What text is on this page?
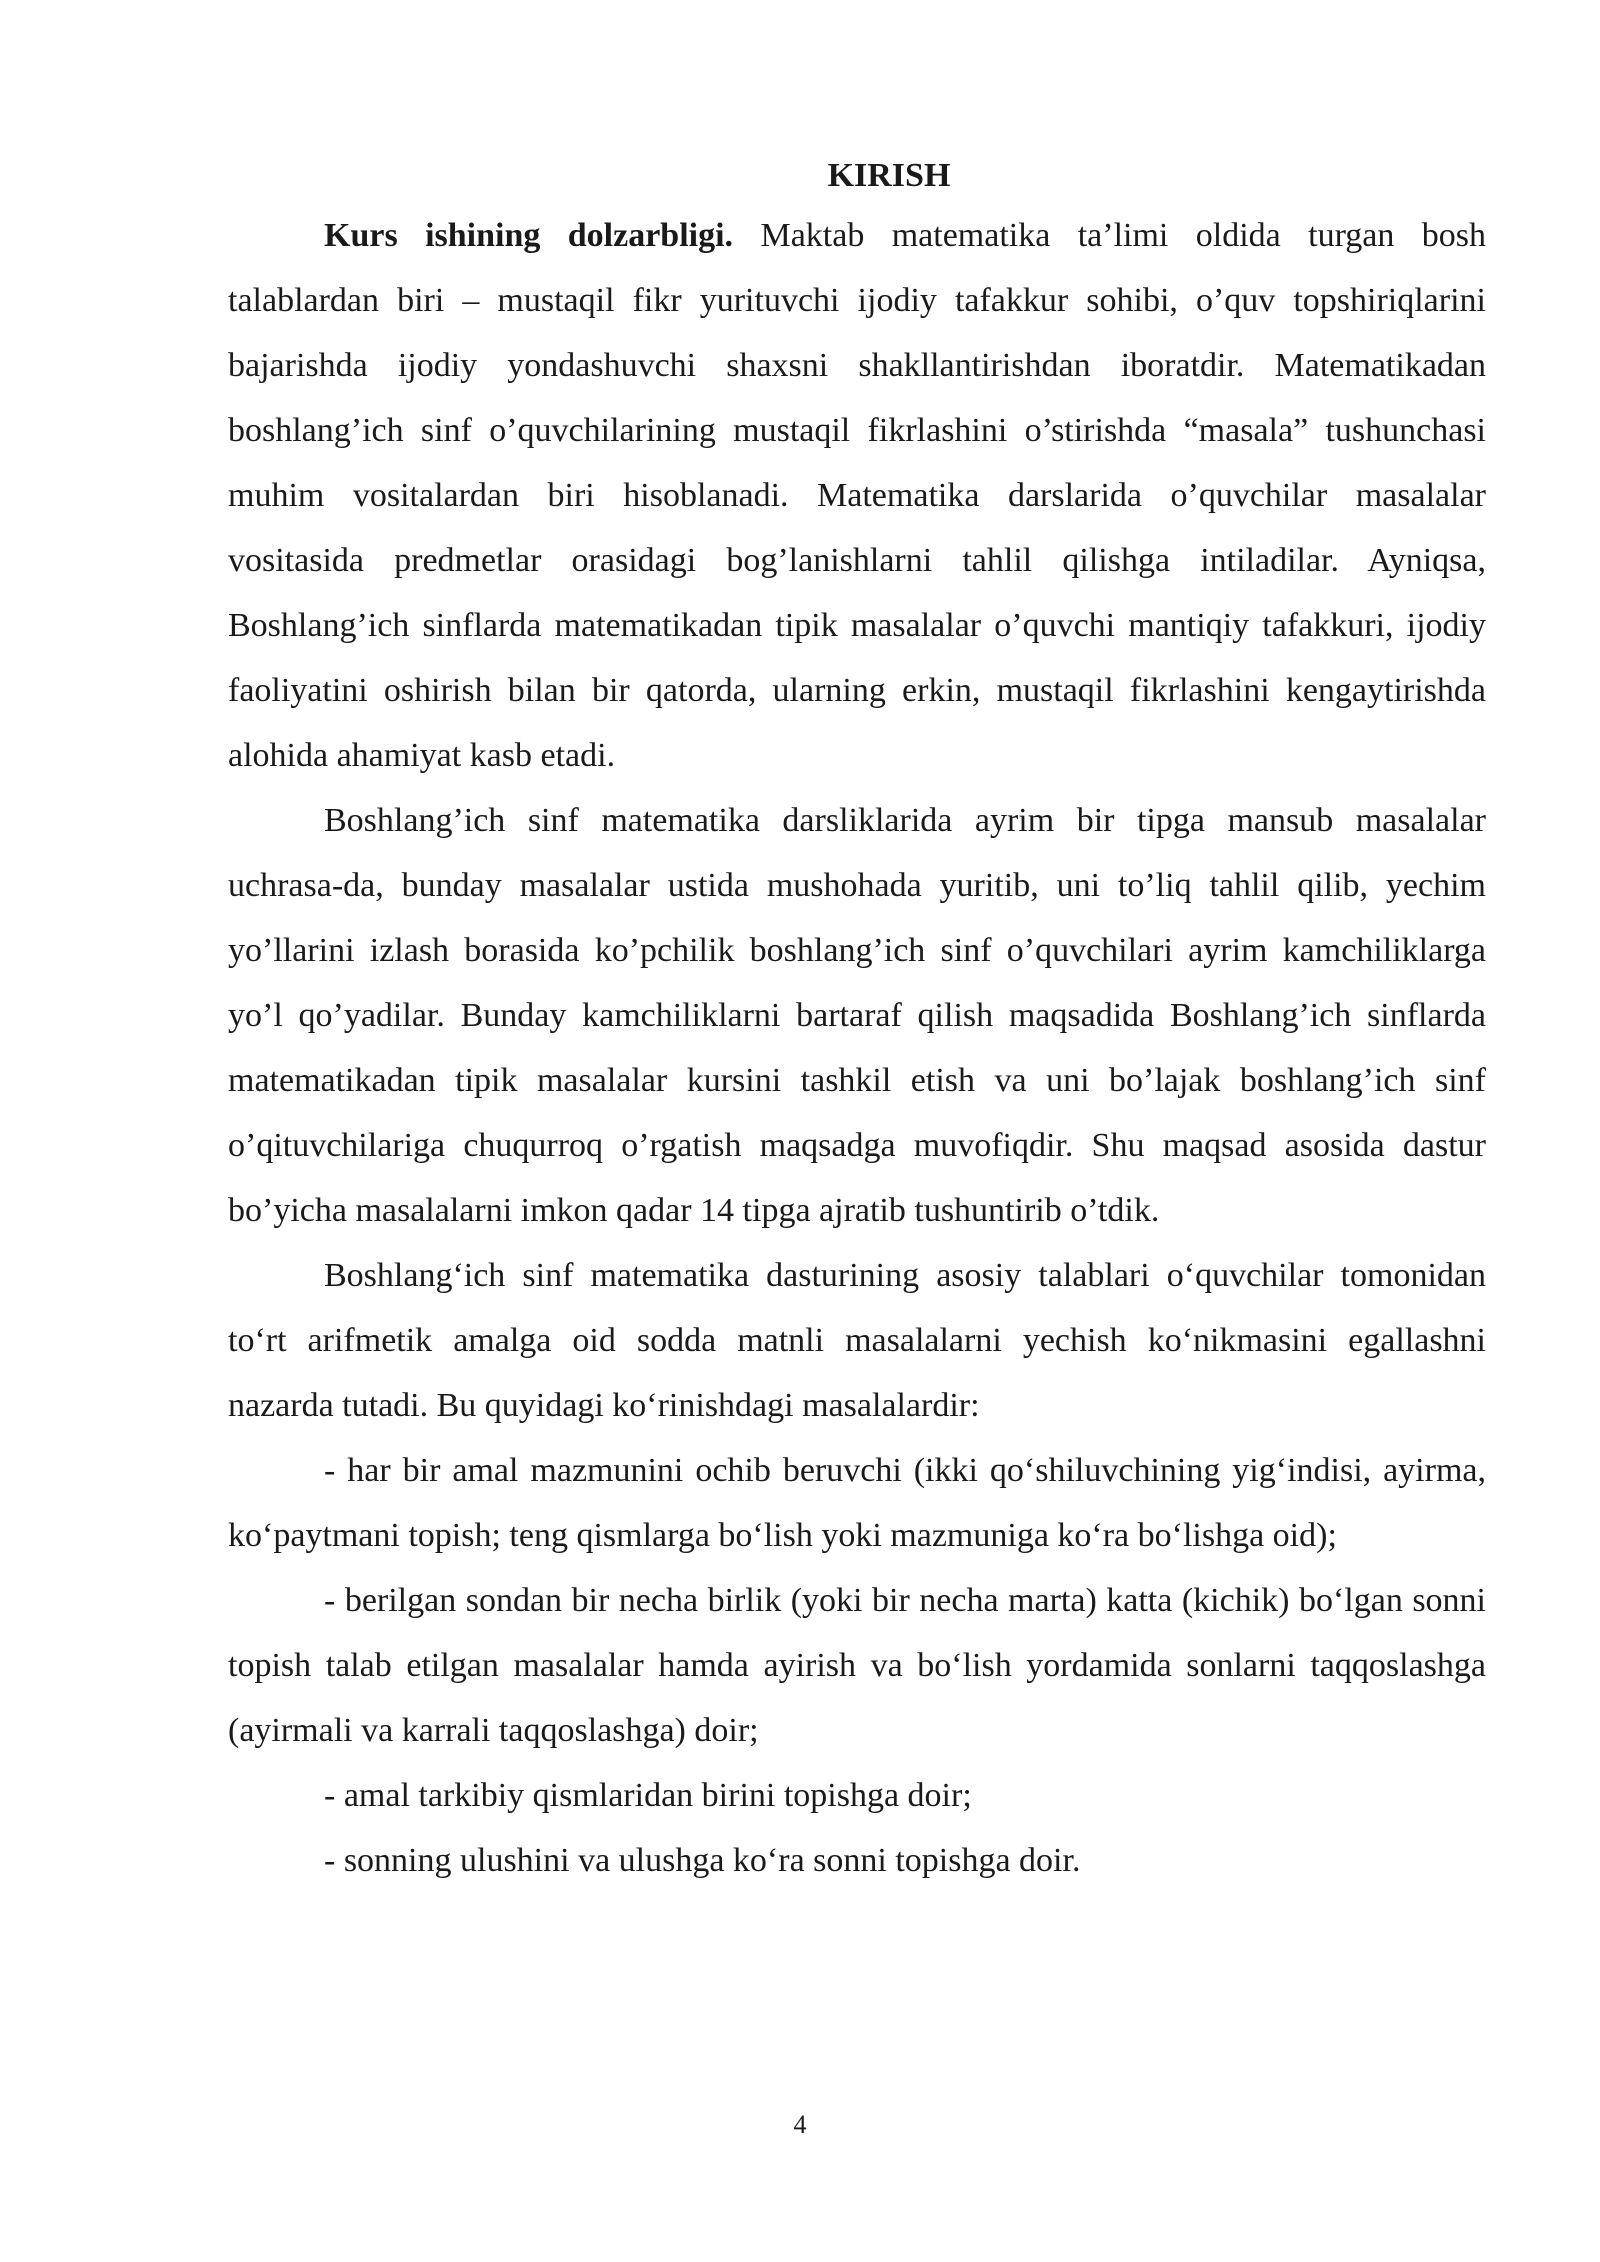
KIRISH

Kurs ishining dolzarbligi. Maktab matematika ta’limi oldida turgan bosh talablardan biri – mustaqil fikr yurituvchi ijodiy tafakkur sohibi, o’quv topshiriqlarini bajarishda ijodiy yondashuvchi shaxsni shakllantirishdan iboratdir. Matematikadan boshlang’ich sinf o’quvchilarining mustaqil fikrlashini o’stirishda “masala” tushunchasi muhim vositalardan biri hisoblanadi. Matematika darslarida o’quvchilar masalalar vositasida predmetlar orasidagi bog’lanishlarni tahlil qilishga intiladilar. Ayniqsa, Boshlang’ich sinflarda matematikadan tipik masalalar o’quvchi mantiqiy tafakkuri, ijodiy faoliyatini oshirish bilan bir qatorda, ularning erkin, mustaqil fikrlashini kengaytirishda alohida ahamiyat kasb etadi.

Boshlang’ich sinf matematika darsliklarida ayrim bir tipga mansub masalalar uchrasa-da, bunday masalalar ustida mushohada yuritib, uni to’liq tahlil qilib, yechim yo’llarini izlash borasida ko’pchilik boshlang’ich sinf o’quvchilari ayrim kamchiliklarga yo’l qo’yadilar. Bunday kamchiliklarni bartaraf qilish maqsadida Boshlang’ich sinflarda matematikadan tipik masalalar kursini tashkil etish va uni bo’lajak boshlang’ich sinf o’qituvchilariga chuqurroq o’rgatish maqsadga muvofiqdir. Shu maqsad asosida dastur bo’yicha masalalarni imkon qadar 14 tipga ajratib tushuntirib o’tdik.

Boshlang‘ich sinf matematika dasturining asosiy talablari o‘quvchilar tomonidan to‘rt arifmetik amalga oid sodda matnli masalalarni yechish ko‘nikmasini egallashni nazarda tutadi. Bu quyidagi ko‘rinishdagi masalalardir:

- har bir amal mazmunini ochib beruvchi (ikki qo‘shiluvchining yig‘indisi, ayirma, ko‘paytmani topish; teng qismlarga bo‘lish yoki mazmuniga ko‘ra bo‘lishga oid);

- berilgan sondan bir necha birlik (yoki bir necha marta) katta (kichik) bo‘lgan sonni topish talab etilgan masalalar hamda ayirish va bo‘lish yordamida sonlarni taqqoslashga (ayirmali va karrali taqqoslashga) doir;

- amal tarkibiy qismlaridan birini topishga doir;

- sonning ulushini va ulushga ko‘ra sonni topishga doir.

4
